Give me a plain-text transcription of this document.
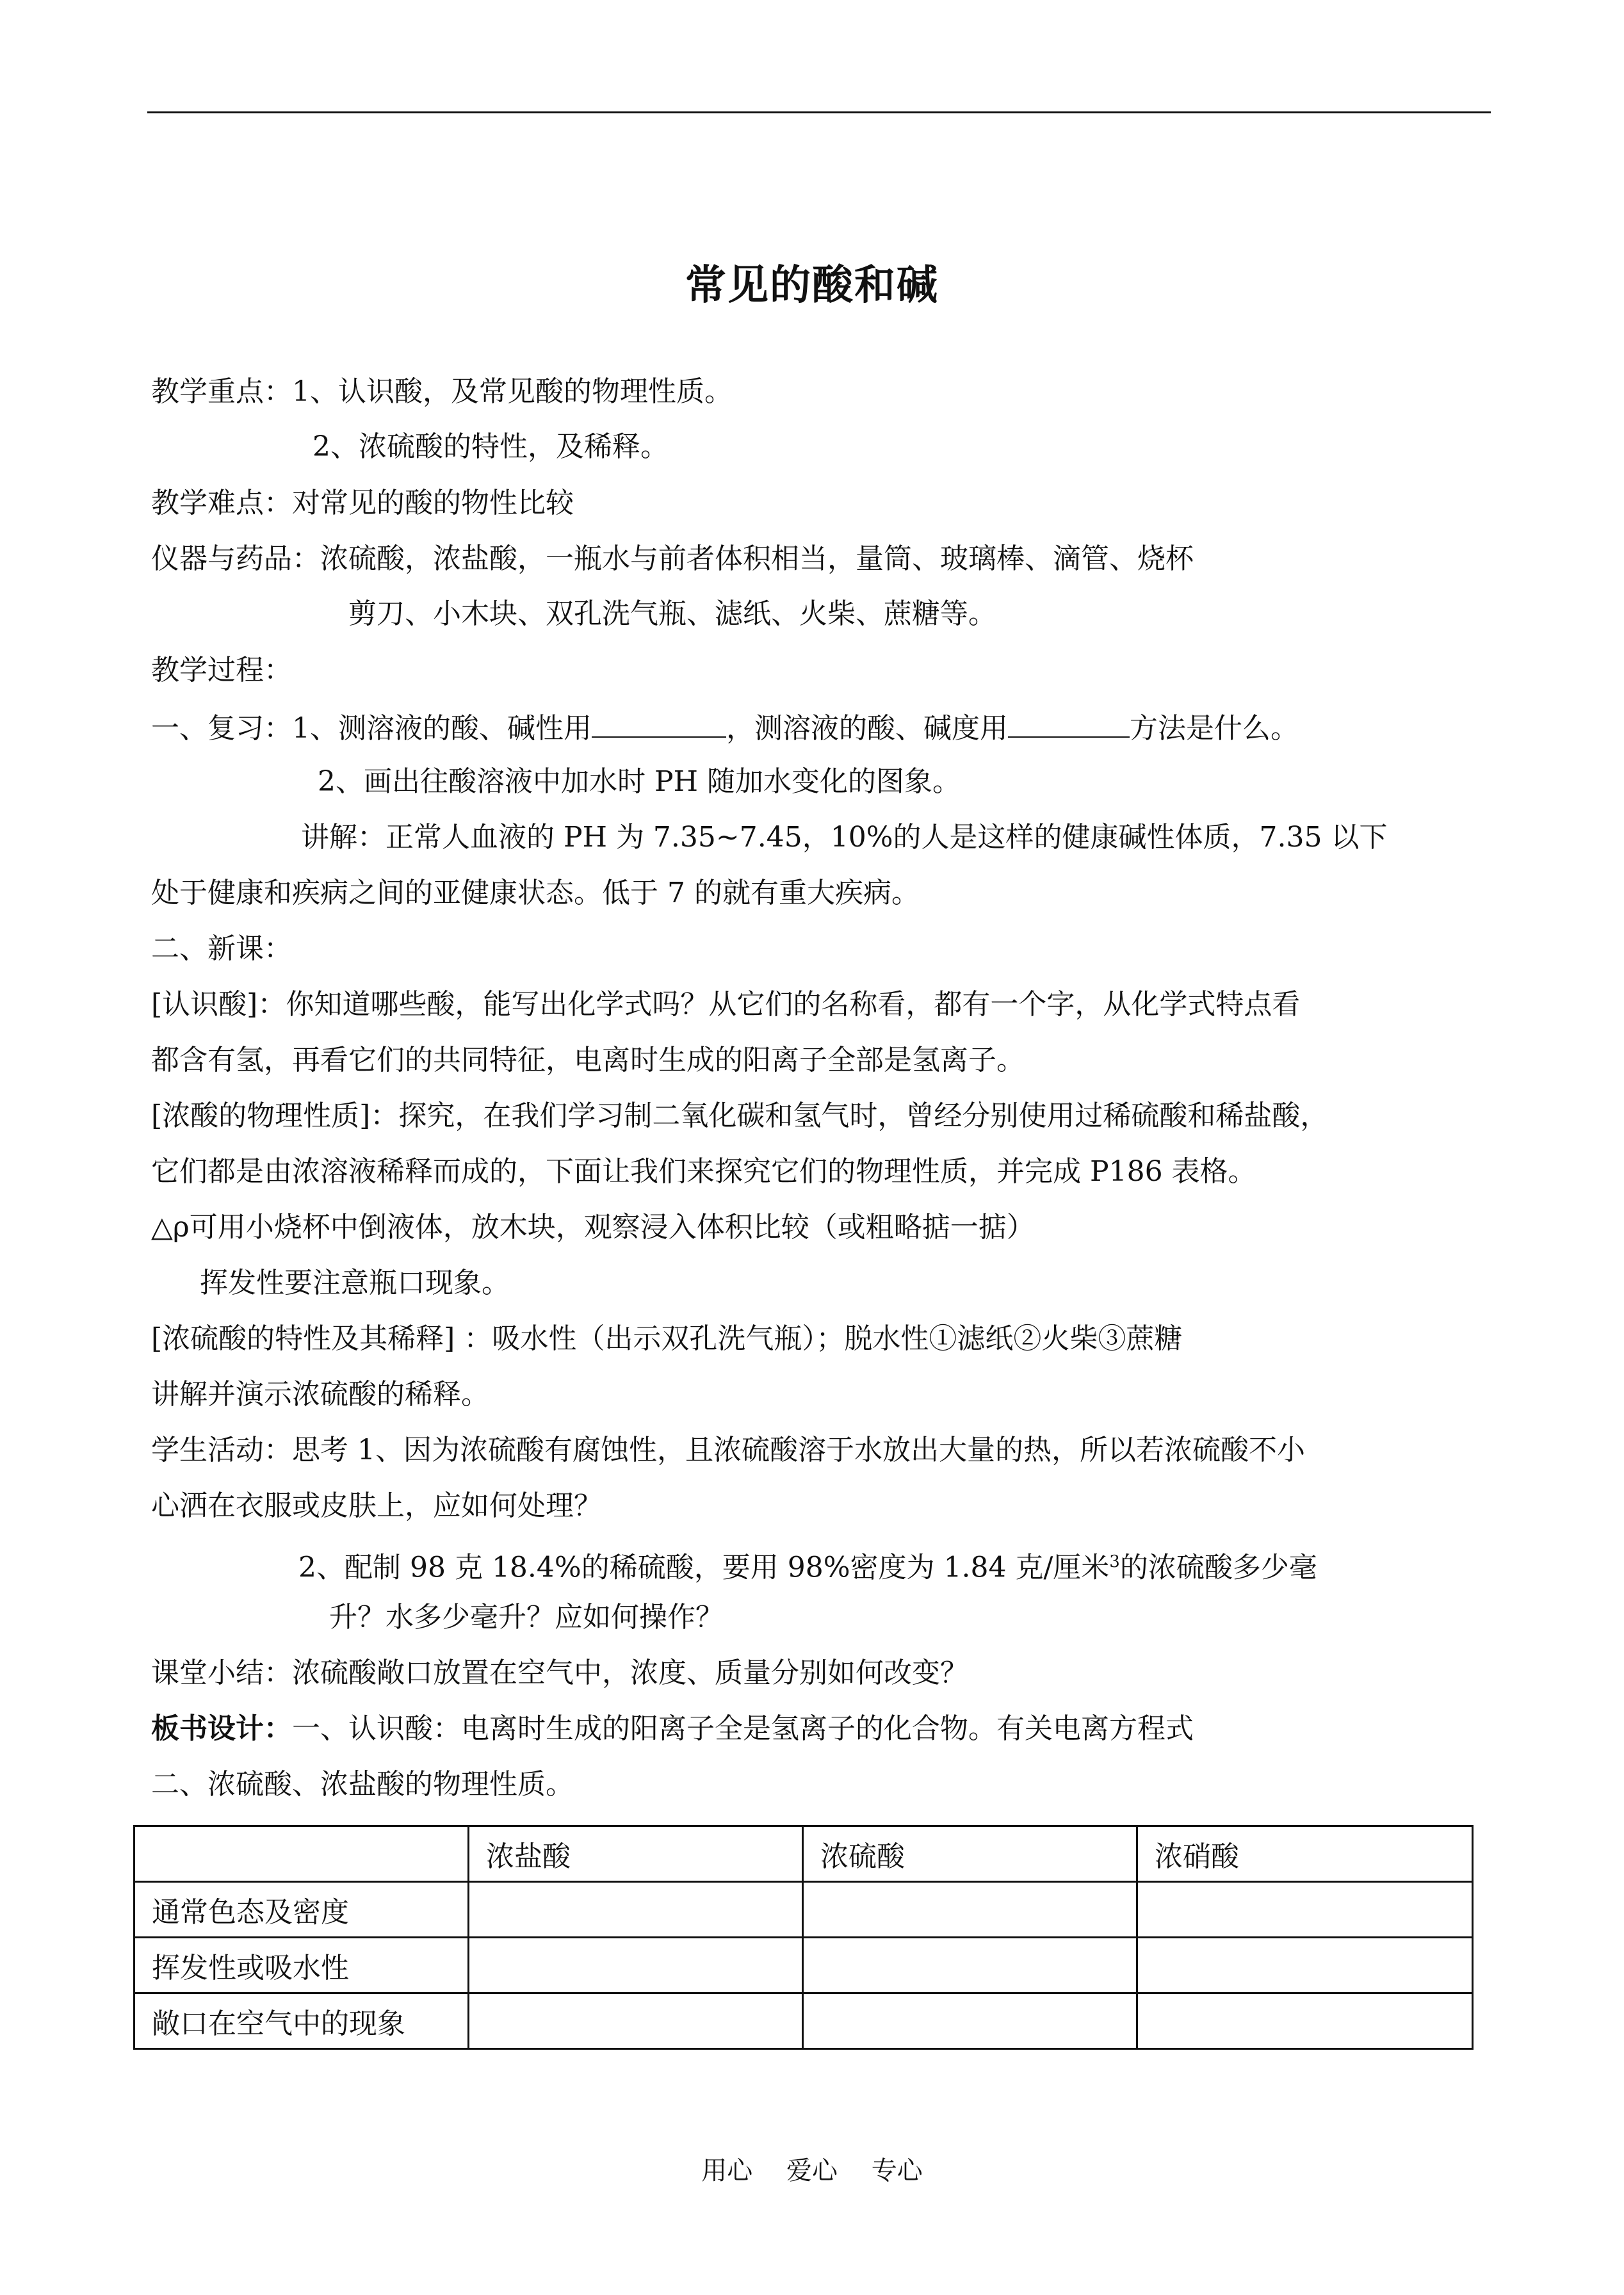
常见的酸和碱
教学重点：1、认识酸，及常见酸的物理性质。
2、浓硫酸的特性，及稀释。
教学难点：对常见的酸的物性比较
仪器与药品：浓硫酸，浓盐酸，一瓶水与前者体积相当，量筒、玻璃棒、滴管、烧杯
剪刀、小木块、双孔洗气瓶、滤纸、火柴、蔗糖等。
教学过程：
一、复习：1、测溶液的酸、碱性用	，测溶液的酸、碱度用	方法是什么。
2、画出往酸溶液中加水时 PH 随加水变化的图象。
讲解：正常人血液的 PH 为 7.35~7.45，10%的人是这样的健康碱性体质，7.35 以下
处于健康和疾病之间的亚健康状态。低于 7 的就有重大疾病。
二、新课：
[认识酸]：你知道哪些酸，能写出化学式吗？从它们的名称看，都有一个字，从化学式特点看
都含有氢，再看它们的共同特征，电离时生成的阳离子全部是氢离子。
[浓酸的物理性质]：探究，在我们学习制二氧化碳和氢气时，曾经分别使用过稀硫酸和稀盐酸，
它们都是由浓溶液稀释而成的，下面让我们来探究它们的物理性质，并完成 P186 表格。
△ρ可用小烧杯中倒液体，放木块，观察浸入体积比较（或粗略掂一掂）
挥发性要注意瓶口现象。
[浓硫酸的特性及其稀释] ：吸水性（出示双孔洗气瓶）；脱水性①滤纸②火柴③蔗糖
讲解并演示浓硫酸的稀释。
学生活动：思考 1、因为浓硫酸有腐蚀性，且浓硫酸溶于水放出大量的热，所以若浓硫酸不小
心洒在衣服或皮肤上，应如何处理？
2、配制 98 克 18.4%的稀硫酸，要用 98%密度为 1.84 克/厘米$^3$的浓硫酸多少毫
升？水多少毫升？应如何操作？
课堂小结：浓硫酸敞口放置在空气中，浓度、质量分别如何改变？
板书设计：一、认识酸：电离时生成的阳离子全是氢离子的化合物。有关电离方程式
二、浓硫酸、浓盐酸的物理性质。
	浓盐酸	浓硫酸	浓硝酸
通常色态及密度			
挥发性或吸水性			
敞口在空气中的现象			
用心 爱心 专心
